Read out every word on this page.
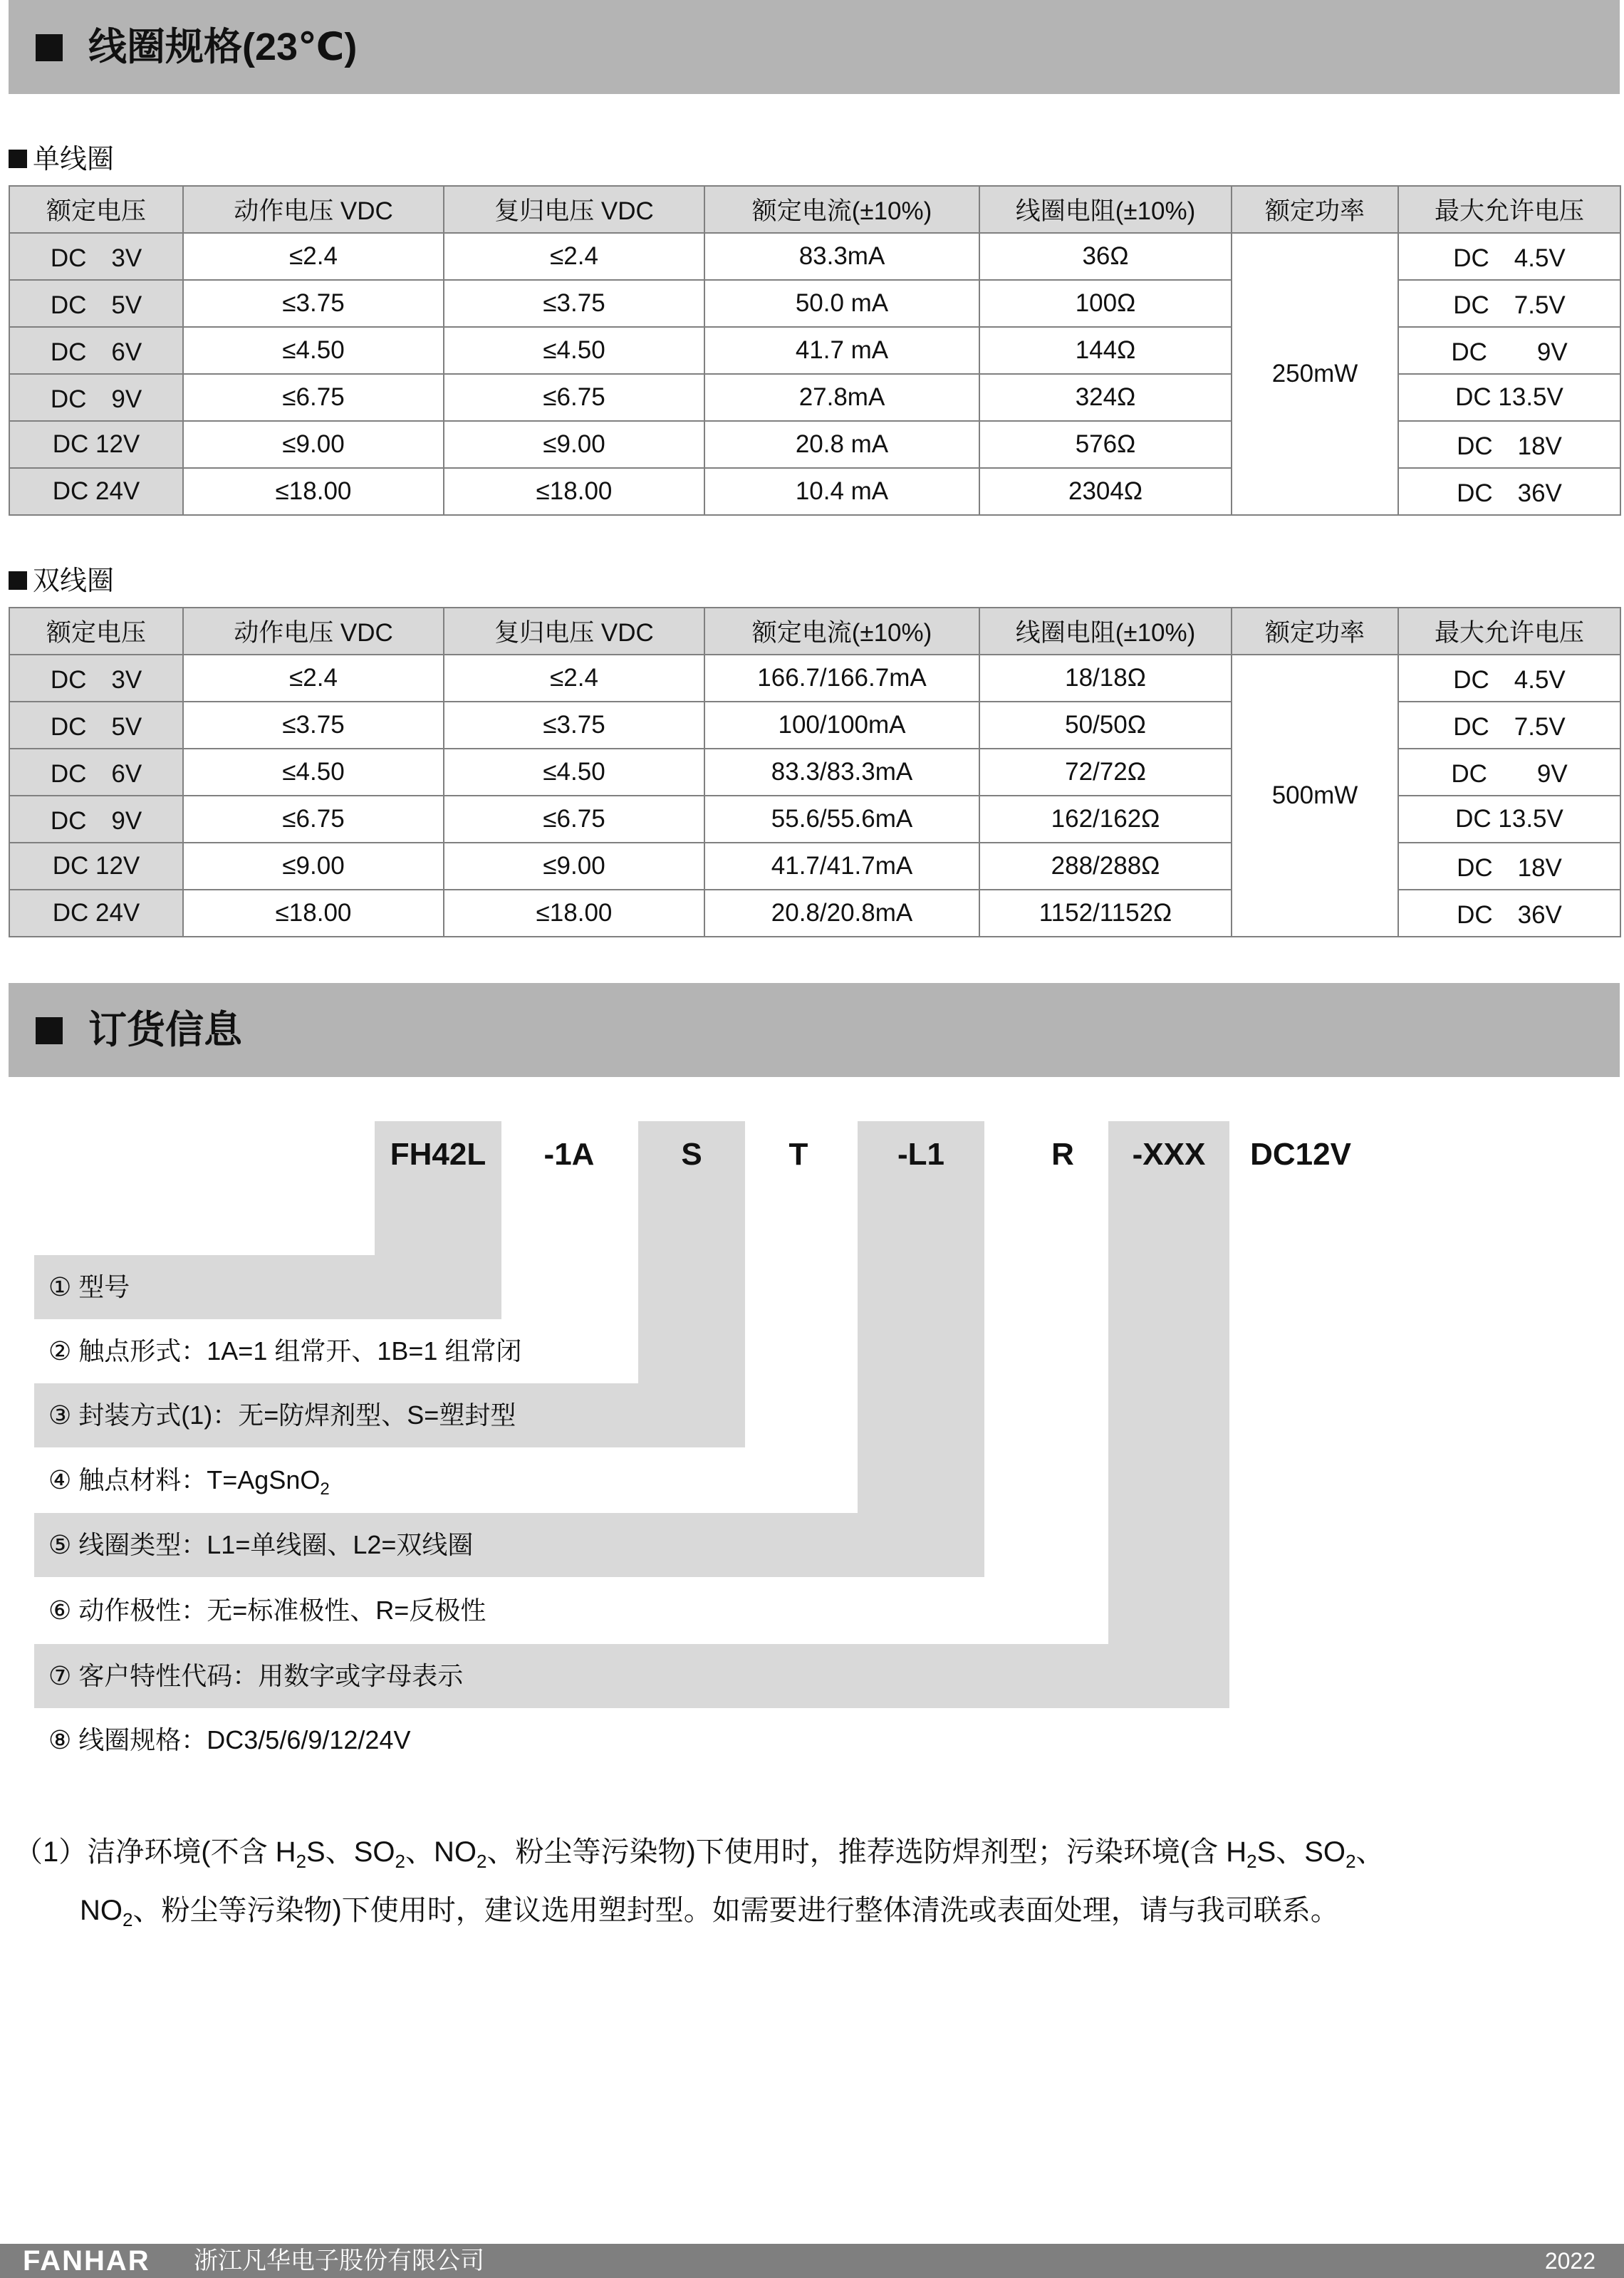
线圈规格(23℃)
单线圈
额定电压	动作电压 VDC	复归电压 VDC	额定电流(±10%)	线圈电阻(±10%)	额定功率	最大允许电压
DC　3V	≤2.4	≤2.4	83.3mA	36Ω	250mW	DC　4.5V
DC　5V	≤3.75	≤3.75	50.0 mA	100Ω		DC　7.5V
DC　6V	≤4.50	≤4.50	41.7 mA	144Ω		DC　　9V
DC　9V	≤6.75	≤6.75	27.8mA	324Ω		DC 13.5V
DC 12V	≤9.00	≤9.00	20.8 mA	576Ω		DC　18V
DC 24V	≤18.00	≤18.00	10.4 mA	2304Ω		DC　36V
双线圈
额定电压	动作电压 VDC	复归电压 VDC	额定电流(±10%)	线圈电阻(±10%)	额定功率	最大允许电压
DC　3V	≤2.4	≤2.4	166.7/166.7mA	18/18Ω	500mW	DC　4.5V
DC　5V	≤3.75	≤3.75	100/100mA	50/50Ω		DC　7.5V
DC　6V	≤4.50	≤4.50	83.3/83.3mA	72/72Ω		DC　　9V
DC　9V	≤6.75	≤6.75	55.6/55.6mA	162/162Ω		DC 13.5V
DC 12V	≤9.00	≤9.00	41.7/41.7mA	288/288Ω		DC　18V
DC 24V	≤18.00	≤18.00	20.8/20.8mA	1152/1152Ω		DC　36V
订货信息
FH42L	-1A	S	T	-L1	R	-XXX	DC12V
① 型号
② 触点形式：1A=1 组常开、1B=1 组常闭
③ 封装方式(1)：无=防焊剂型、S=塑封型
④ 触点材料：T=AgSnO$_2$
⑤ 线圈类型：L1=单线圈、L2=双线圈
⑥ 动作极性：无=标准极性、R=反极性
⑦ 客户特性代码：用数字或字母表示
⑧ 线圈规格：DC3/5/6/9/12/24V
（1）洁净环境(不含 $H_2S$、$SO_2$、$NO_2$、粉尘等污染物)下使用时，推荐选防焊剂型；污染环境(含 $H_2S$、$SO_2$、
$NO_2$、粉尘等污染物)下使用时，建议选用塑封型。如需要进行整体清洗或表面处理，请与我司联系。
FANHAR 浙江凡华电子股份有限公司	2022
